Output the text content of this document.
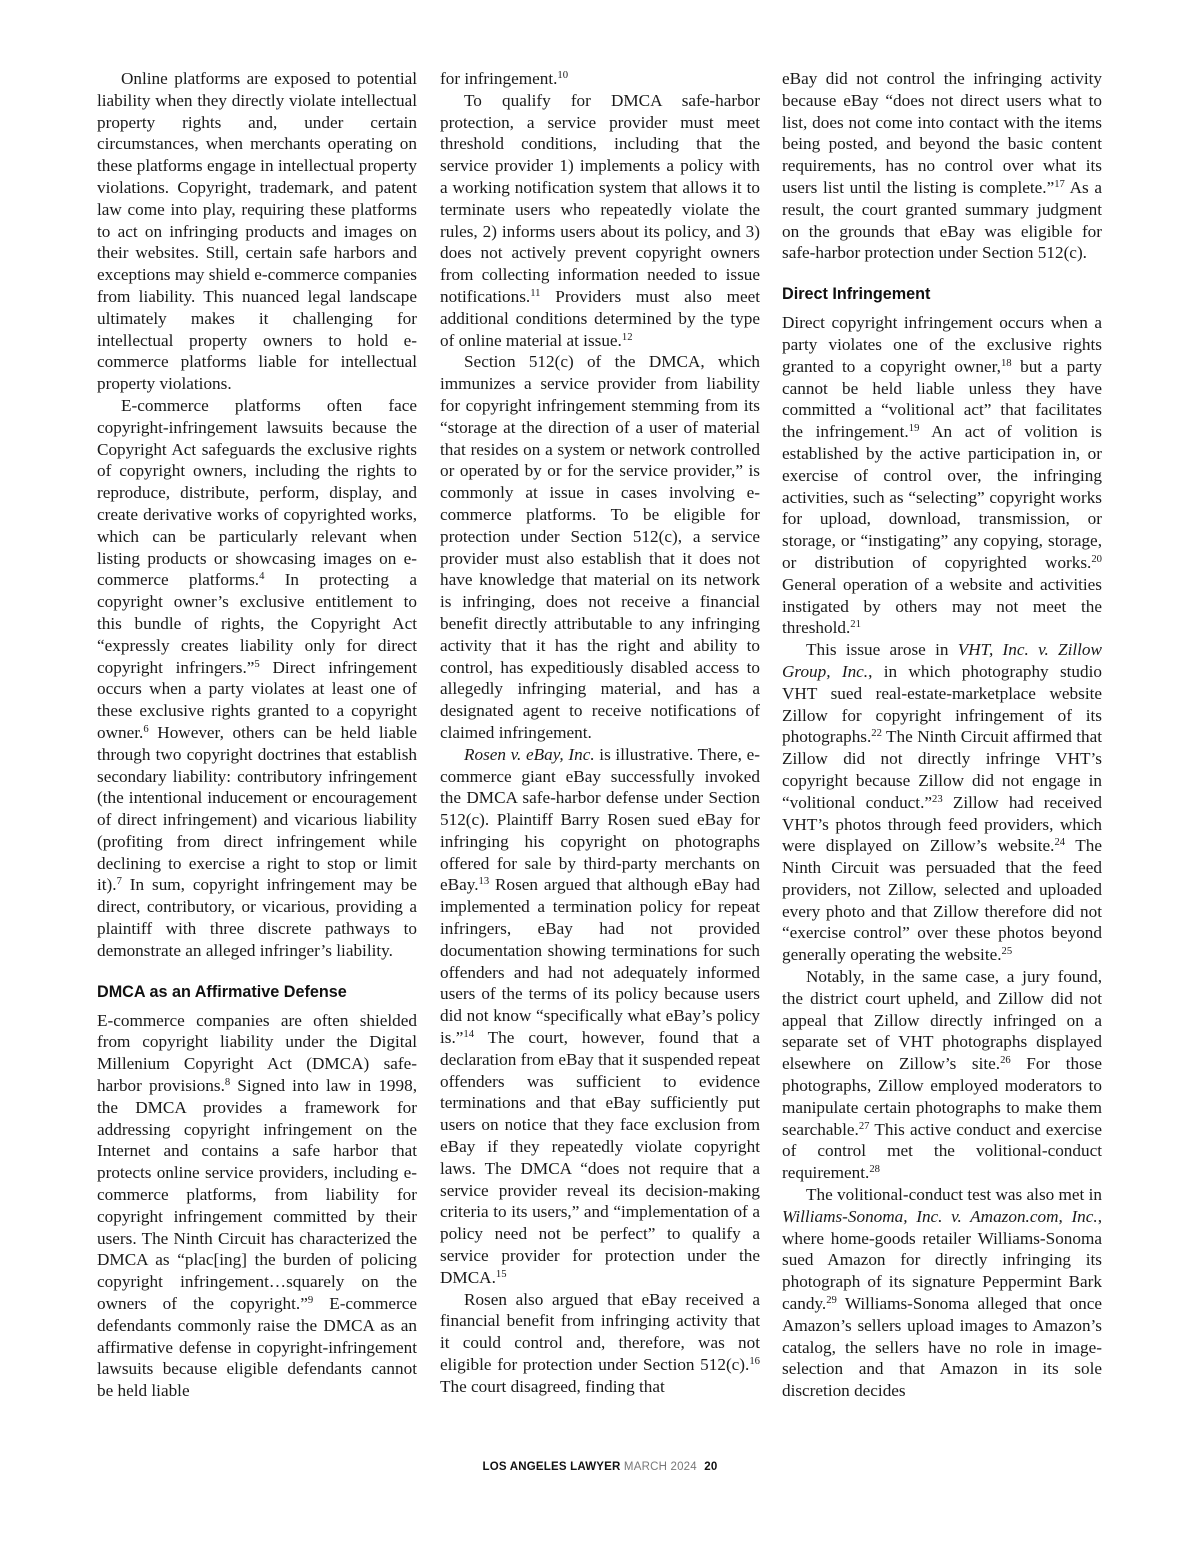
Online platforms are exposed to potential liability when they directly violate intellectual property rights and, under certain circumstances, when merchants operating on these platforms engage in intellectual property violations. Copyright, trademark, and patent law come into play, requiring these platforms to act on infringing products and images on their websites. Still, certain safe harbors and exceptions may shield e-commerce companies from liability. This nuanced legal landscape ultimately makes it challenging for intellectual property owners to hold e-commerce platforms liable for intellectual property violations.

E-commerce platforms often face copyright-infringement lawsuits because the Copyright Act safeguards the exclusive rights of copyright owners, including the rights to reproduce, distribute, perform, display, and create derivative works of copyrighted works, which can be particularly relevant when listing products or showcasing images on e-commerce platforms.$^4$ In protecting a copyright owner’s exclusive entitlement to this bundle of rights, the Copyright Act “expressly creates liability only for direct copyright infringers.”$^5$ Direct infringement occurs when a party violates at least one of these exclusive rights granted to a copyright owner.$^6$ However, others can be held liable through two copyright doctrines that establish secondary liability: contributory infringement (the intentional inducement or encouragement of direct infringement) and vicarious liability (profiting from direct infringement while declining to exercise a right to stop or limit it).$^7$ In sum, copyright infringement may be direct, contributory, or vicarious, providing a plaintiff with three discrete pathways to demonstrate an alleged infringer’s liability.

DMCA as an Affirmative Defense

E-commerce companies are often shielded from copyright liability under the Digital Millenium Copyright Act (DMCA) safe-harbor provisions.$^8$ Signed into law in 1998, the DMCA provides a framework for addressing copyright infringement on the Internet and contains a safe harbor that protects online service providers, including e-commerce platforms, from liability for copyright infringement committed by their users. The Ninth Circuit has characterized the DMCA as “plac[ing] the burden of policing copyright infringement…squarely on the owners of the copyright.”$^9$ E-commerce defendants commonly raise the DMCA as an affirmative defense in copyright-infringement lawsuits because eligible defendants cannot be held liable

for infringement.$^{10}$

To qualify for DMCA safe-harbor protection, a service provider must meet threshold conditions, including that the service provider 1) implements a policy with a working notification system that allows it to terminate users who repeatedly violate the rules, 2) informs users about its policy, and 3) does not actively prevent copyright owners from collecting information needed to issue notifications.$^{11}$ Providers must also meet additional conditions determined by the type of online material at issue.$^{12}$

Section 512(c) of the DMCA, which immunizes a service provider from liability for copyright infringement stemming from its “storage at the direction of a user of material that resides on a system or network controlled or operated by or for the service provider,” is commonly at issue in cases involving e-commerce platforms. To be eligible for protection under Section 512(c), a service provider must also establish that it does not have knowledge that material on its network is infringing, does not receive a financial benefit directly attributable to any infringing activity that it has the right and ability to control, has expeditiously disabled access to allegedly infringing material, and has a designated agent to receive notifications of claimed infringement.

Rosen v. eBay, Inc. is illustrative. There, e-commerce giant eBay successfully invoked the DMCA safe-harbor defense under Section 512(c). Plaintiff Barry Rosen sued eBay for infringing his copyright on photographs offered for sale by third-party merchants on eBay.$^{13}$ Rosen argued that although eBay had implemented a termination policy for repeat infringers, eBay had not provided documentation showing terminations for such offenders and had not adequately informed users of the terms of its policy because users did not know “specifically what eBay’s policy is.”$^{14}$ The court, however, found that a declaration from eBay that it suspended repeat offenders was sufficient to evidence terminations and that eBay sufficiently put users on notice that they face exclusion from eBay if they repeatedly violate copyright laws. The DMCA “does not require that a service provider reveal its decision-making criteria to its users,” and “implementation of a policy need not be perfect” to qualify a service provider for protection under the DMCA.$^{15}$

Rosen also argued that eBay received a financial benefit from infringing activity that it could control and, therefore, was not eligible for protection under Section 512(c).$^{16}$ The court disagreed, finding that

eBay did not control the infringing activity because eBay “does not direct users what to list, does not come into contact with the items being posted, and beyond the basic content requirements, has no control over what its users list until the listing is complete.”$^{17}$ As a result, the court granted summary judgment on the grounds that eBay was eligible for safe-harbor protection under Section 512(c).

Direct Infringement

Direct copyright infringement occurs when a party violates one of the exclusive rights granted to a copyright owner,$^{18}$ but a party cannot be held liable unless they have committed a “volitional act” that facilitates the infringement.$^{19}$ An act of volition is established by the active participation in, or exercise of control over, the infringing activities, such as “selecting” copyright works for upload, download, transmission, or storage, or “instigating” any copying, storage, or distribution of copyrighted works.$^{20}$ General operation of a website and activities instigated by others may not meet the threshold.$^{21}$

This issue arose in VHT, Inc. v. Zillow Group, Inc., in which photography studio VHT sued real-estate-marketplace website Zillow for copyright infringement of its photographs.$^{22}$ The Ninth Circuit affirmed that Zillow did not directly infringe VHT’s copyright because Zillow did not engage in “volitional conduct.”$^{23}$ Zillow had received VHT’s photos through feed providers, which were displayed on Zillow’s website.$^{24}$ The Ninth Circuit was persuaded that the feed providers, not Zillow, selected and uploaded every photo and that Zillow therefore did not “exercise control” over these photos beyond generally operating the website.$^{25}$

Notably, in the same case, a jury found, the district court upheld, and Zillow did not appeal that Zillow directly infringed on a separate set of VHT photographs displayed elsewhere on Zillow’s site.$^{26}$ For those photographs, Zillow employed moderators to manipulate certain photographs to make them searchable.$^{27}$ This active conduct and exercise of control met the volitional-conduct requirement.$^{28}$

The volitional-conduct test was also met in Williams-Sonoma, Inc. v. Amazon.com, Inc., where home-goods retailer Williams-Sonoma sued Amazon for directly infringing its photograph of its signature Peppermint Bark candy.$^{29}$ Williams-Sonoma alleged that once Amazon’s sellers upload images to Amazon’s catalog, the sellers have no role in image-selection and that Amazon in its sole discretion decides

LOS ANGELES LAWYER MARCH 2024 20
